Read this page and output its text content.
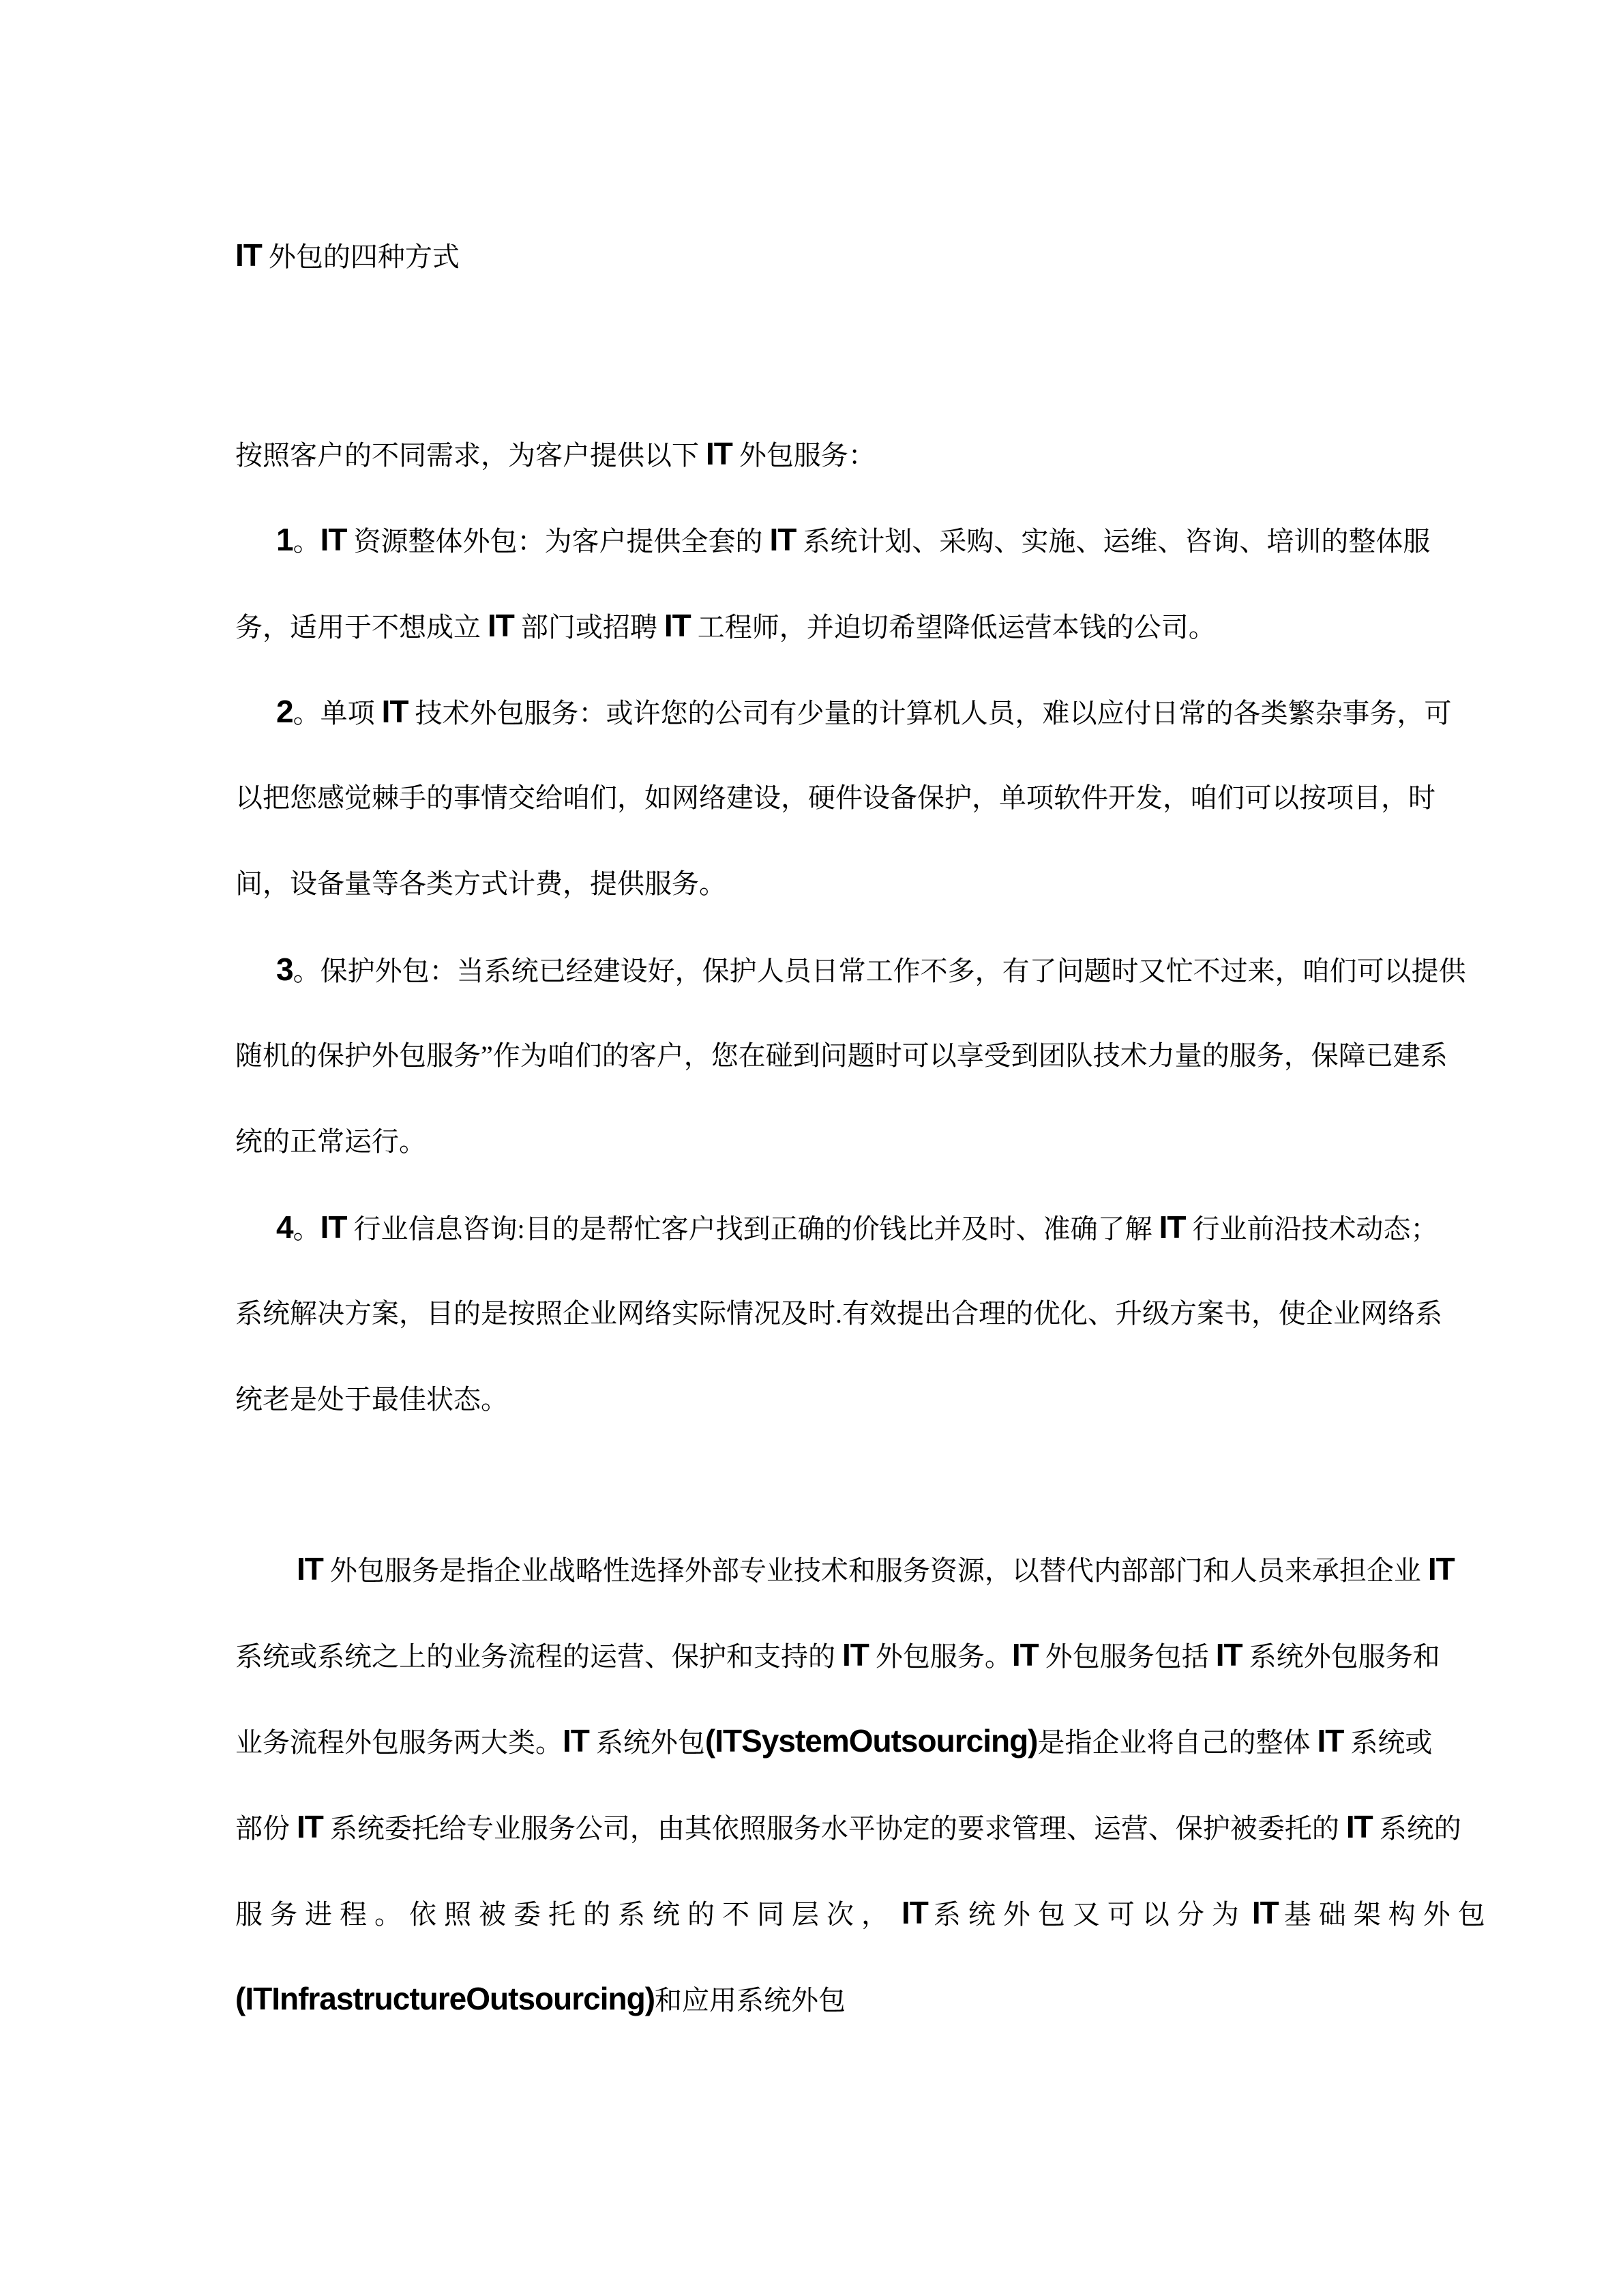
IT 外包的四种方式
按照客户的不同需求，为客户提供以下 IT 外包服务：
1。IT 资源整体外包：为客户提供全套的 IT 系统计划、采购、实施、运维、咨询、培训的整体服
务，适用于不想成立 IT 部门或招聘 IT 工程师，并迫切希望降低运营本钱的公司。
2。单项 IT 技术外包服务：或许您的公司有少量的计算机人员，难以应付日常的各类繁杂事务，可
以把您感觉棘手的事情交给咱们，如网络建设，硬件设备保护，单项软件开发，咱们可以按项目，时
间，设备量等各类方式计费，提供服务。
3。保护外包：当系统已经建设好，保护人员日常工作不多，有了问题时又忙不过来，咱们可以提供
随机的保护外包服务”作为咱们的客户，您在碰到问题时可以享受到团队技术力量的服务，保障已建系
统的正常运行。
4。IT 行业信息咨询:目的是帮忙客户找到正确的价钱比并及时、准确了解 IT 行业前沿技术动态；
系统解决方案，目的是按照企业网络实际情况及时.有效提出合理的优化、升级方案书，使企业网络系
统老是处于最佳状态。
IT 外包服务是指企业战略性选择外部专业技术和服务资源，以替代内部部门和人员来承担企业 IT
系统或系统之上的业务流程的运营、保护和支持的 IT 外包服务。IT 外包服务包括 IT 系统外包服务和
业务流程外包服务两大类。IT 系统外包(ITSystemOutsourcing)是指企业将自己的整体 IT 系统或
部份 IT 系统委托给专业服务公司，由其依照服务水平协定的要求管理、运营、保护被委托的 IT 系统的
服务进程。依照被委托的系统的不同层次， IT 系统外包又可以分为 IT 基础架构外包
(ITInfrastructureOutsourcing)和应用系统外包
